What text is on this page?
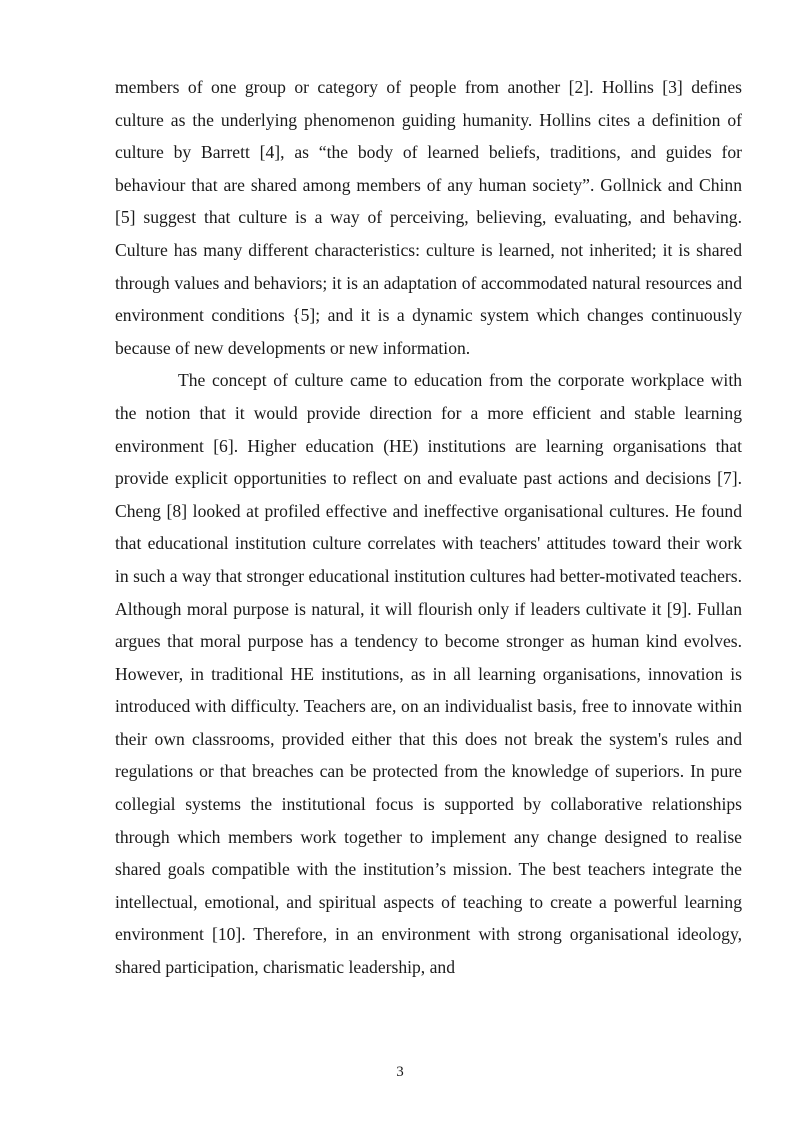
members of one group or category of people from another [2]. Hollins [3] defines culture as the underlying phenomenon guiding humanity. Hollins cites a definition of culture by Barrett [4], as “the body of learned beliefs, traditions, and guides for behaviour that are shared among members of any human society”. Gollnick and Chinn [5] suggest that culture is a way of perceiving, believing, evaluating, and behaving. Culture has many different characteristics: culture is learned, not inherited; it is shared through values and behaviors; it is an adaptation of accommodated natural resources and environment conditions {5]; and it is a dynamic system which changes continuously because of new developments or new information.

The concept of culture came to education from the corporate workplace with the notion that it would provide direction for a more efficient and stable learning environment [6]. Higher education (HE) institutions are learning organisations that provide explicit opportunities to reflect on and evaluate past actions and decisions [7]. Cheng [8] looked at profiled effective and ineffective organisational cultures. He found that educational institution culture correlates with teachers' attitudes toward their work in such a way that stronger educational institution cultures had better-motivated teachers. Although moral purpose is natural, it will flourish only if leaders cultivate it [9]. Fullan argues that moral purpose has a tendency to become stronger as human kind evolves. However, in traditional HE institutions, as in all learning organisations, innovation is introduced with difficulty. Teachers are, on an individualist basis, free to innovate within their own classrooms, provided either that this does not break the system's rules and regulations or that breaches can be protected from the knowledge of superiors. In pure collegial systems the institutional focus is supported by collaborative relationships through which members work together to implement any change designed to realise shared goals compatible with the institution’s mission. The best teachers integrate the intellectual, emotional, and spiritual aspects of teaching to create a powerful learning environment [10]. Therefore, in an environment with strong organisational ideology, shared participation, charismatic leadership, and

3
